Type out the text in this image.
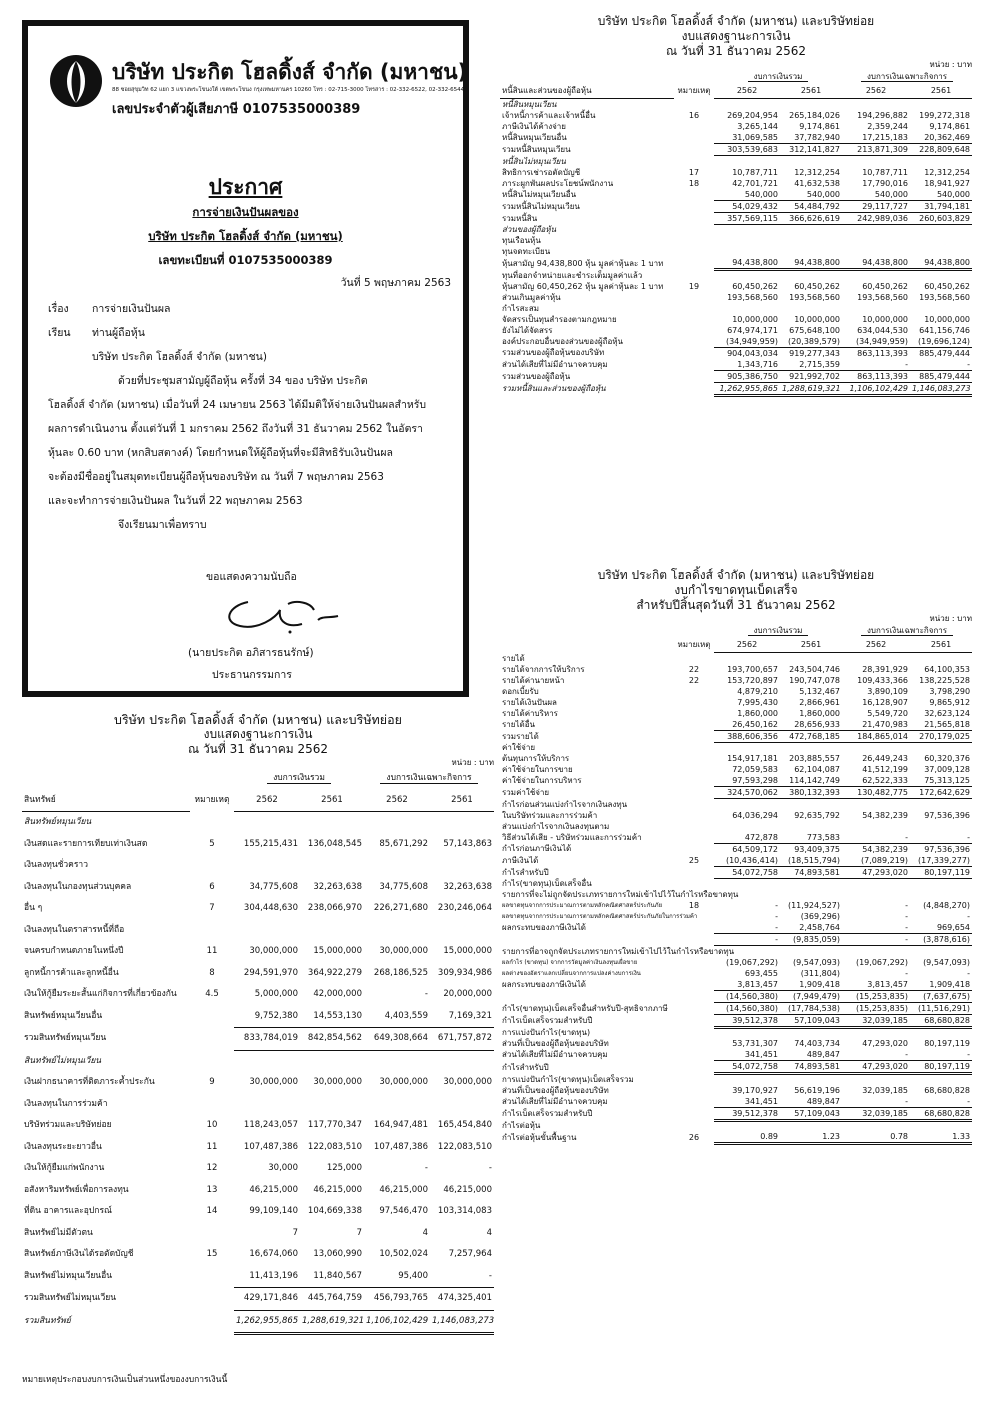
บริษัท ประกิต โฮลดิ้งส์ จำกัด (มหาชน)
88 ซอยสุขุมวิท 62 แยก 3 แขวงพระโขนงใต้ เขตพระโขนง กรุงเทพมหานคร 10260 โทร : 02-715-3000 โทรสาร : 02-332-6522, 02-332-6544
เลขประจำตัวผู้เสียภาษี 0107535000389
ประกาศ
การจ่ายเงินปันผลของ
บริษัท ประกิต โฮลดิ้งส์ จำกัด (มหาชน)
เลขทะเบียนที่ 0107535000389
วันที่ 5 พฤษภาคม 2563
เรื่อง การจ่ายเงินปันผล
เรียน ท่านผู้ถือหุ้น
บริษัท ประกิต โฮลดิ้งส์ จำกัด (มหาชน)
ด้วยที่ประชุมสามัญผู้ถือหุ้น ครั้งที่ 34 ของ บริษัท ประกิต
โฮลดิ้งส์ จำกัด (มหาชน) เมื่อวันที่ 24 เมษายน 2563 ได้มีมติให้จ่ายเงินปันผลสำหรับ
ผลการดำเนินงาน ตั้งแต่วันที่ 1 มกราคม 2562 ถึงวันที่ 31 ธันวาคม 2562 ในอัตรา
หุ้นละ 0.60 บาท (หกสิบสตางค์) โดยกำหนดให้ผู้ถือหุ้นที่จะมีสิทธิรับเงินปันผล
จะต้องมีชื่ออยู่ในสมุดทะเบียนผู้ถือหุ้นของบริษัท ณ วันที่ 7 พฤษภาคม 2563
และจะทำการจ่ายเงินปันผล ในวันที่ 22 พฤษภาคม 2563
จึงเรียนมาเพื่อทราบ
ขอแสดงความนับถือ
(นายประกิต อภิสารธนรักษ์)
ประธานกรรมการ
บริษัท ประกิต โฮลดิ้งส์ จำกัด (มหาชน) และบริษัทย่อย
งบแสดงฐานะการเงิน
ณ วันที่ 31 ธันวาคม 2562
หน่วย : บาท
		งบการเงินรวม		งบการเงินเฉพาะกิจการ	
สินทรัพย์	หมายเหตุ	2562	2561	2562	2561
สินทรัพย์หมุนเวียน					
เงินสดและรายการเทียบเท่าเงินสด	5	155,215,431	136,048,545	85,671,292	57,143,863
เงินลงทุนชั่วคราว					
เงินลงทุนในกองทุนส่วนบุคคล	6	34,775,608	32,263,638	34,775,608	32,263,638
อื่น ๆ	7	304,448,630	238,066,970	226,271,680	230,246,064
เงินลงทุนในตราสารหนี้ที่ถือ					
จนครบกำหนดภายในหนึ่งปี	11	30,000,000	15,000,000	30,000,000	15,000,000
ลูกหนี้การค้าและลูกหนี้อื่น	8	294,591,970	364,922,279	268,186,525	309,934,986
เงินให้กู้ยืมระยะสั้นแก่กิจการที่เกี่ยวข้องกัน	4.5	5,000,000	42,000,000	-	20,000,000
สินทรัพย์หมุนเวียนอื่น		9,752,380	14,553,130	4,403,559	7,169,321
รวมสินทรัพย์หมุนเวียน		833,784,019	842,854,562	649,308,664	671,757,872

สินทรัพย์ไม่หมุนเวียน					
เงินฝากธนาคารที่ติดภาระค้ำประกัน	9	30,000,000	30,000,000	30,000,000	30,000,000
เงินลงทุนในการร่วมค้า					
บริษัทร่วมและบริษัทย่อย	10	118,243,057	117,770,347	164,947,481	165,454,840
เงินลงทุนระยะยาวอื่น	11	107,487,386	122,083,510	107,487,386	122,083,510
เงินให้กู้ยืมแก่พนักงาน	12	30,000	125,000	-	-
อสังหาริมทรัพย์เพื่อการลงทุน	13	46,215,000	46,215,000	46,215,000	46,215,000
ที่ดิน อาคารและอุปกรณ์	14	99,109,140	104,669,338	97,546,470	103,314,083
สินทรัพย์ไม่มีตัวตน		7	7	4	4
สินทรัพย์ภาษีเงินได้รอตัดบัญชี	15	16,674,060	13,060,990	10,502,024	7,257,964
สินทรัพย์ไม่หมุนเวียนอื่น		11,413,196	11,840,567	95,400	-
รวมสินทรัพย์ไม่หมุนเวียน		429,171,846	445,764,759	456,793,765	474,325,401
รวมสินทรัพย์		1,262,955,865	1,288,619,321	1,106,102,429	1,146,083,273
บริษัท ประกิต โฮลดิ้งส์ จำกัด (มหาชน) และบริษัทย่อย
งบแสดงฐานะการเงิน
ณ วันที่ 31 ธันวาคม 2562
หน่วย : บาท
		งบการเงินรวม		งบการเงินเฉพาะกิจการ	
หนี้สินและส่วนของผู้ถือหุ้น	หมายเหตุ	2562	2561	2562	2561
หนี้สินหมุนเวียน					
เจ้าหนี้การค้าและเจ้าหนี้อื่น	16	269,204,954	265,184,026	194,296,882	199,272,318
ภาษีเงินได้ค้างจ่าย		3,265,144	9,174,861	2,359,244	9,174,861
หนี้สินหมุนเวียนอื่น		31,069,585	37,782,940	17,215,183	20,362,469
รวมหนี้สินหมุนเวียน		303,539,683	312,141,827	213,871,309	228,809,648
หนี้สินไม่หมุนเวียน					
สิทธิการเช่ารอตัดบัญชี	17	10,787,711	12,312,254	10,787,711	12,312,254
ภาระผูกพันผลประโยชน์พนักงาน	18	42,701,721	41,632,538	17,790,016	18,941,927
หนี้สินไม่หมุนเวียนอื่น		540,000	540,000	540,000	540,000
รวมหนี้สินไม่หมุนเวียน		54,029,432	54,484,792	29,117,727	31,794,181
รวมหนี้สิน		357,569,115	366,626,619	242,989,036	260,603,829
ส่วนของผู้ถือหุ้น					
ทุนเรือนหุ้น					
ทุนจดทะเบียน					
หุ้นสามัญ 94,438,800 หุ้น มูลค่าหุ้นละ 1 บาท		94,438,800	94,438,800	94,438,800	94,438,800
ทุนที่ออกจำหน่ายและชำระเต็มมูลค่าแล้ว					
หุ้นสามัญ 60,450,262 หุ้น มูลค่าหุ้นละ 1 บาท	19	60,450,262	60,450,262	60,450,262	60,450,262
ส่วนเกินมูลค่าหุ้น		193,568,560	193,568,560	193,568,560	193,568,560
กำไรสะสม					
จัดสรรเป็นทุนสำรองตามกฎหมาย		10,000,000	10,000,000	10,000,000	10,000,000
ยังไม่ได้จัดสรร		674,974,171	675,648,100	634,044,530	641,156,746
องค์ประกอบอื่นของส่วนของผู้ถือหุ้น		(34,949,959)	(20,389,579)	(34,949,959)	(19,696,124)
รวมส่วนของผู้ถือหุ้นของบริษัท		904,043,034	919,277,343	863,113,393	885,479,444
ส่วนได้เสียที่ไม่มีอำนาจควบคุม		1,343,716	2,715,359	-	-
รวมส่วนของผู้ถือหุ้น		905,386,750	921,992,702	863,113,393	885,479,444
รวมหนี้สินและส่วนของผู้ถือหุ้น		1,262,955,865	1,288,619,321	1,106,102,429	1,146,083,273
บริษัท ประกิต โฮลดิ้งส์ จำกัด (มหาชน) และบริษัทย่อย
งบกำไรขาดทุนเบ็ดเสร็จ
สำหรับปีสิ้นสุดวันที่ 31 ธันวาคม 2562
หน่วย : บาท
		งบการเงินรวม		งบการเงินเฉพาะกิจการ	
	หมายเหตุ	2562	2561	2562	2561
รายได้					
รายได้จากการให้บริการ	22	193,700,657	243,504,746	28,391,929	64,100,353
รายได้ค่านายหน้า	22	153,720,897	190,747,078	109,433,366	138,225,528
ดอกเบี้ยรับ		4,879,210	5,132,467	3,890,109	3,798,290
รายได้เงินปันผล		7,995,430	2,866,961	16,128,907	9,865,912
รายได้ค่าบริหาร		1,860,000	1,860,000	5,549,720	32,623,124
รายได้อื่น		26,450,162	28,656,933	21,470,983	21,565,818
รวมรายได้		388,606,356	472,768,185	184,865,014	270,179,025
ค่าใช้จ่าย					
ต้นทุนการให้บริการ		154,917,181	203,885,557	26,449,243	60,320,376
ค่าใช้จ่ายในการขาย		72,059,583	62,104,087	41,512,199	37,009,128
ค่าใช้จ่ายในการบริหาร		97,593,298	114,142,749	62,522,333	75,313,125
รวมค่าใช้จ่าย		324,570,062	380,132,393	130,482,775	172,642,629
กำไรก่อนส่วนแบ่งกำไรจากเงินลงทุน					
ในบริษัทร่วมและการร่วมค้า		64,036,294	92,635,792	54,382,239	97,536,396
ส่วนแบ่งกำไรจากเงินลงทุนตาม					
วิธีส่วนได้เสีย - บริษัทร่วมและการร่วมค้า		472,878	773,583	-	-
กำไรก่อนภาษีเงินได้		64,509,172	93,409,375	54,382,239	97,536,396
ภาษีเงินได้	25	(10,436,414)	(18,515,794)	(7,089,219)	(17,339,277)
กำไรสำหรับปี		54,072,758	74,893,581	47,293,020	80,197,119
กำไร(ขาดทุน)เบ็ดเสร็จอื่น					
รายการที่จะไม่ถูกจัดประเภทรายการใหม่เข้าไปไว้ในกำไรหรือขาดทุน					
ผลขาดทุนจากการประมาณการตามหลักคณิตศาสตร์ประกันภัย	18	-	(11,924,527)	-	(4,848,270)
ผลขาดทุนจากการประมาณการตามหลักคณิตศาสตร์ประกันภัยในการร่วมค้า		-	(369,296)	-	-
ผลกระทบของภาษีเงินได้		-	2,458,764	-	969,654
		-	(9,835,059)	-	(3,878,616)
รายการที่อาจถูกจัดประเภทรายการใหม่เข้าไปไว้ในกำไรหรือขาดทุน					
ผลกำไร (ขาดทุน) จากการวัดมูลค่าเงินลงทุนเผื่อขาย		(19,067,292)	(9,547,093)	(19,067,292)	(9,547,093)
ผลต่างของอัตราแลกเปลี่ยนจากการแปลงค่างบการเงิน		693,455	(311,804)	-	-
ผลกระทบของภาษีเงินได้		3,813,457	1,909,418	3,813,457	1,909,418
		(14,560,380)	(7,949,479)	(15,253,835)	(7,637,675)
กำไร(ขาดทุน)เบ็ดเสร็จอื่นสำหรับปี-สุทธิจากภาษี		(14,560,380)	(17,784,538)	(15,253,835)	(11,516,291)
กำไรเบ็ดเสร็จรวมสำหรับปี		39,512,378	57,109,043	32,039,185	68,680,828
การแบ่งปันกำไร(ขาดทุน)					
ส่วนที่เป็นของผู้ถือหุ้นของบริษัท		53,731,307	74,403,734	47,293,020	80,197,119
ส่วนได้เสียที่ไม่มีอำนาจควบคุม		341,451	489,847	-	-
กำไรสำหรับปี		54,072,758	74,893,581	47,293,020	80,197,119
การแบ่งปันกำไร(ขาดทุน)เบ็ดเสร็จรวม					
ส่วนที่เป็นของผู้ถือหุ้นของบริษัท		39,170,927	56,619,196	32,039,185	68,680,828
ส่วนได้เสียที่ไม่มีอำนาจควบคุม		341,451	489,847	-	-
กำไรเบ็ดเสร็จรวมสำหรับปี		39,512,378	57,109,043	32,039,185	68,680,828
กำไรต่อหุ้น					
กำไรต่อหุ้นขั้นพื้นฐาน	26	0.89	1.23	0.78	1.33
หมายเหตุประกอบงบการเงินเป็นส่วนหนึ่งของงบการเงินนี้
